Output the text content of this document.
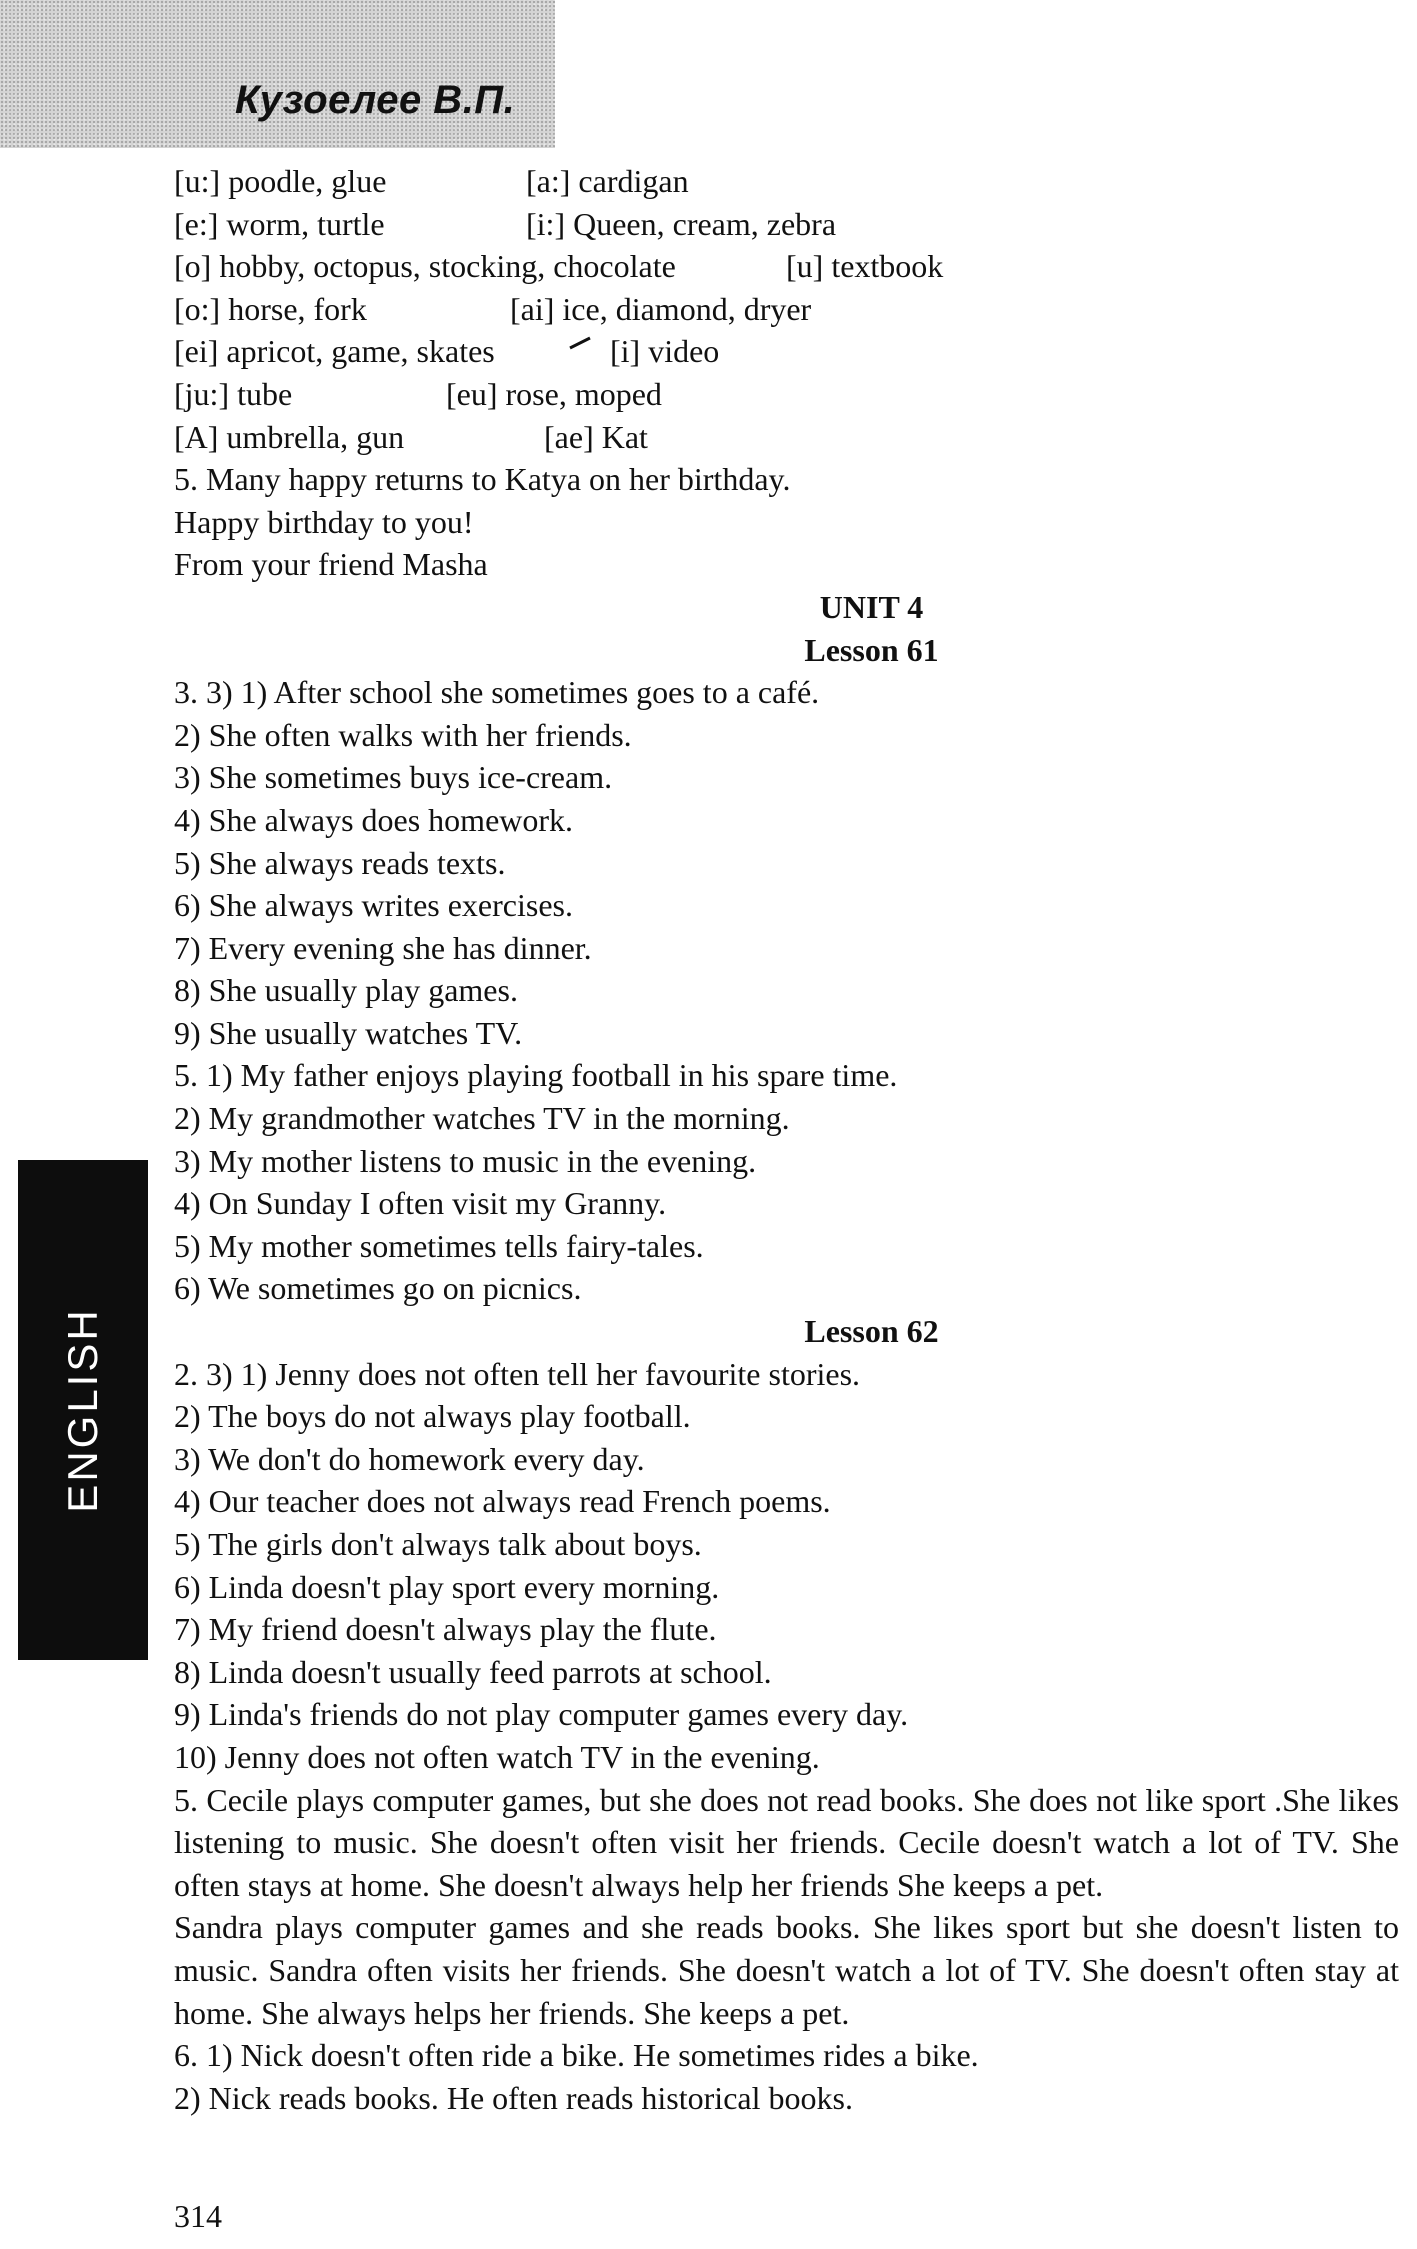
Кузоелее В.П.
ENGLISH
[u:] poodle, glue	[a:] cardigan
[e:] worm, turtle	[i:] Queen, cream, zebra
[o] hobby, octopus, stocking, chocolate	[u] textbook
[o:] horse, fork	[ai] ice, diamond, dryer
[ei] apricot, game, skates	[i] video
[ju:] tube	[eu] rose, moped
[A] umbrella, gun	[ae] Kat
5. Many happy returns to Katya on her birthday.
Happy birthday to you!
From your friend Masha
UNIT 4
Lesson 61
3. 3) 1) After school she sometimes goes to a café.
2) She often walks with her friends.
3) She sometimes buys ice-cream.
4) She always does homework.
5) She always reads texts.
6) She always writes exercises.
7) Every evening she has dinner.
8) She usually play games.
9) She usually watches TV.
5. 1) My father enjoys playing football in his spare time.
2) My grandmother watches TV in the morning.
3) My mother listens to music in the evening.
4) On Sunday I often visit my Granny.
5) My mother sometimes tells fairy-tales.
6) We sometimes go on picnics.
Lesson 62
2. 3) 1) Jenny does not often tell her favourite stories.
2) The boys do not always play football.
3) We don't do homework every day.
4) Our teacher does not always read French poems.
5) The girls don't always talk about boys.
6) Linda doesn't play sport every morning.
7) My friend doesn't always play the flute.
8) Linda doesn't usually feed parrots at school.
9) Linda's friends do not play computer games every day.
10) Jenny does not often watch TV in the evening.
5. Cecile plays computer games, but she does not read books. She does not like sport .She likes listening to music. She doesn't often visit her friends. Cecile doesn't watch a lot of TV. She often stays at home. She doesn't always help her friends She keeps a pet.
Sandra plays computer games and she reads books. She likes sport but she doesn't listen to music. Sandra often visits her friends. She doesn't watch a lot of TV. She doesn't often stay at home. She always helps her friends. She keeps a pet.
6. 1) Nick doesn't often ride a bike. He sometimes rides a bike.
2) Nick reads books. He often reads historical books.
314
